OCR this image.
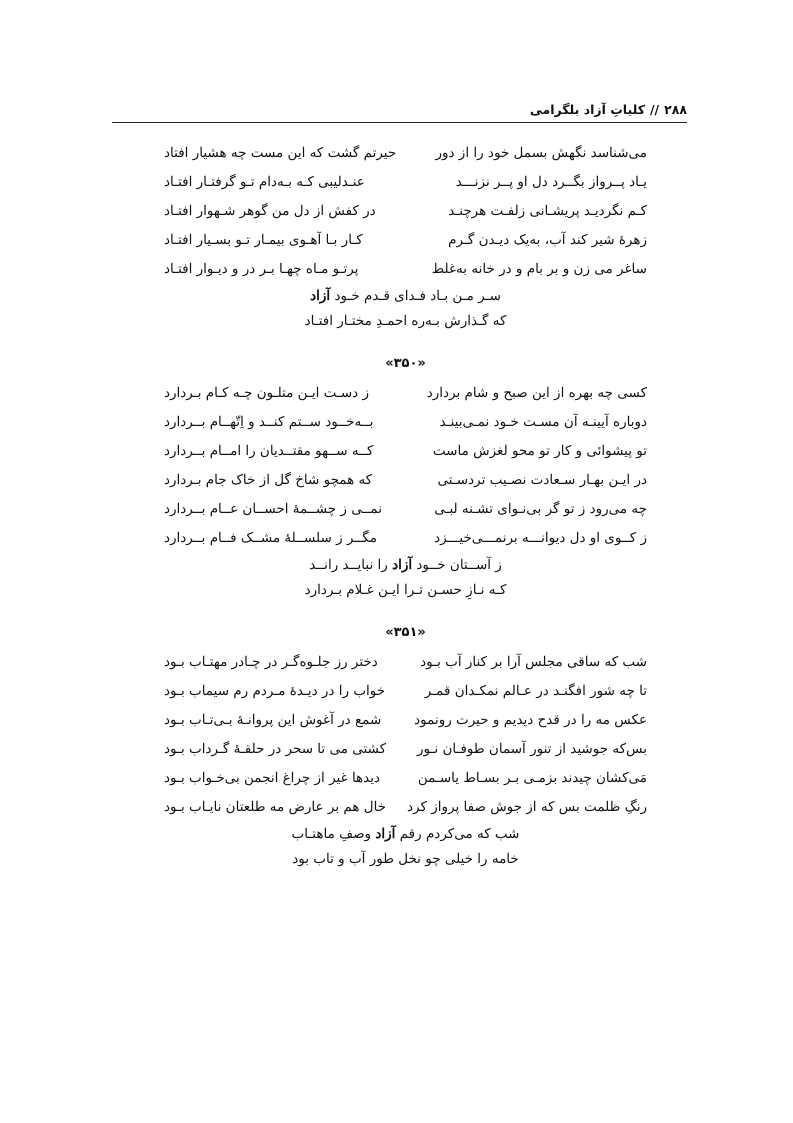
۲۸۸
//
کلیاتِ آزاد بلگرامی
می‌شناسد نگهش بسمل خود را از دور
حیرتم گشت که این مست چه هشیار افتاد
یـاد پــرواز بگــرد دل او پــر نزنـــد
عنـدلیبی کـه بـه‌دام تـو گرفتـار افتـاد
کـم نگردیـد پریشـانی زلفـت هرچنـد
در کفش از دل من گوهر شـهوار افتـاد
زهرهٔ شیر کند آب، به‌یک دیـدن گـرم
کـار بـا آهـوی بیمـار تـو بسـیار افتـاد
ساغر می زن و بر بام و در خانه به‌غلط
پرتـو مـاه چهـا بـر در و دیـوار افتـاد
سـر مـن بـاد فـدای قـدم خـود آزاد
که گـذارش بـه‌ره احمـدِ مختـار افتـاد
«۳۵۰»
کسی چه بهره از این صبح و شام بردارد
ز دسـت ایـن متلـون چـه کـام بـردارد
دوباره آیینـه آن مسـت خـود نمـی‌بینـد
بــه‌خــود ســتم کنــد و اِتّهــام بــردارد
تو پیشوائی و کار تو محو لغزش ماست
کــه ســهو مقتــدیان را امــام بــردارد
در ایـن بهـار سـعادت نصـیب تردسـتی
که همچو شاخ گل از خاک جام بـردارد
چه می‌رود ز تو گر بی‌نـوای تشـنه لبـی
نمــی ز چشــمهٔ احســان عــام بــردارد
ز کــوی او دل دیوانـــه برنمـــی‌خیـــزد
مگــر ز سلســلهٔ مشــک فــام بــردارد
ز آســتان خــود آزاد را نبایــد رانــد
کـه نـازِ حسـن تـرا ایـن غـلام بـردارد
«۳۵۱»
شب که ساقی مجلس آرا بر کنار آب بـود
دختر رز جلـوه‌گـر در چـادر مهتـاب بـود
تا چه شور افگنـد در عـالم نمکـدان قمـر
خواب را در دیـدهٔ مـردم رم سیماب بـود
عکس مه را در قدح دیدیم و حیرت رونمود
شمع در آغوش این پروانـهٔ بـی‌تـاب بـود
بس‌که جوشید از تنور آسمان طوفـان نـور
کشتی می تا سحر در حلقـهٔ گـرداب بـود
مَی‌کشان چیدند بزمـی بـر بسـاط یاسـمن
دیدها غیر از چراغ انجمن بی‌خـواب بـود
رنگِ ظلمت بس که از جوش صفا پرواز کرد
خال هم بر عارض مه طلعتان نایـاب بـود
شب که می‌کردم رقم آزاد وصفِ ماهتـاب
خامه را خیلی چو نخل طور آب و تاب بود
